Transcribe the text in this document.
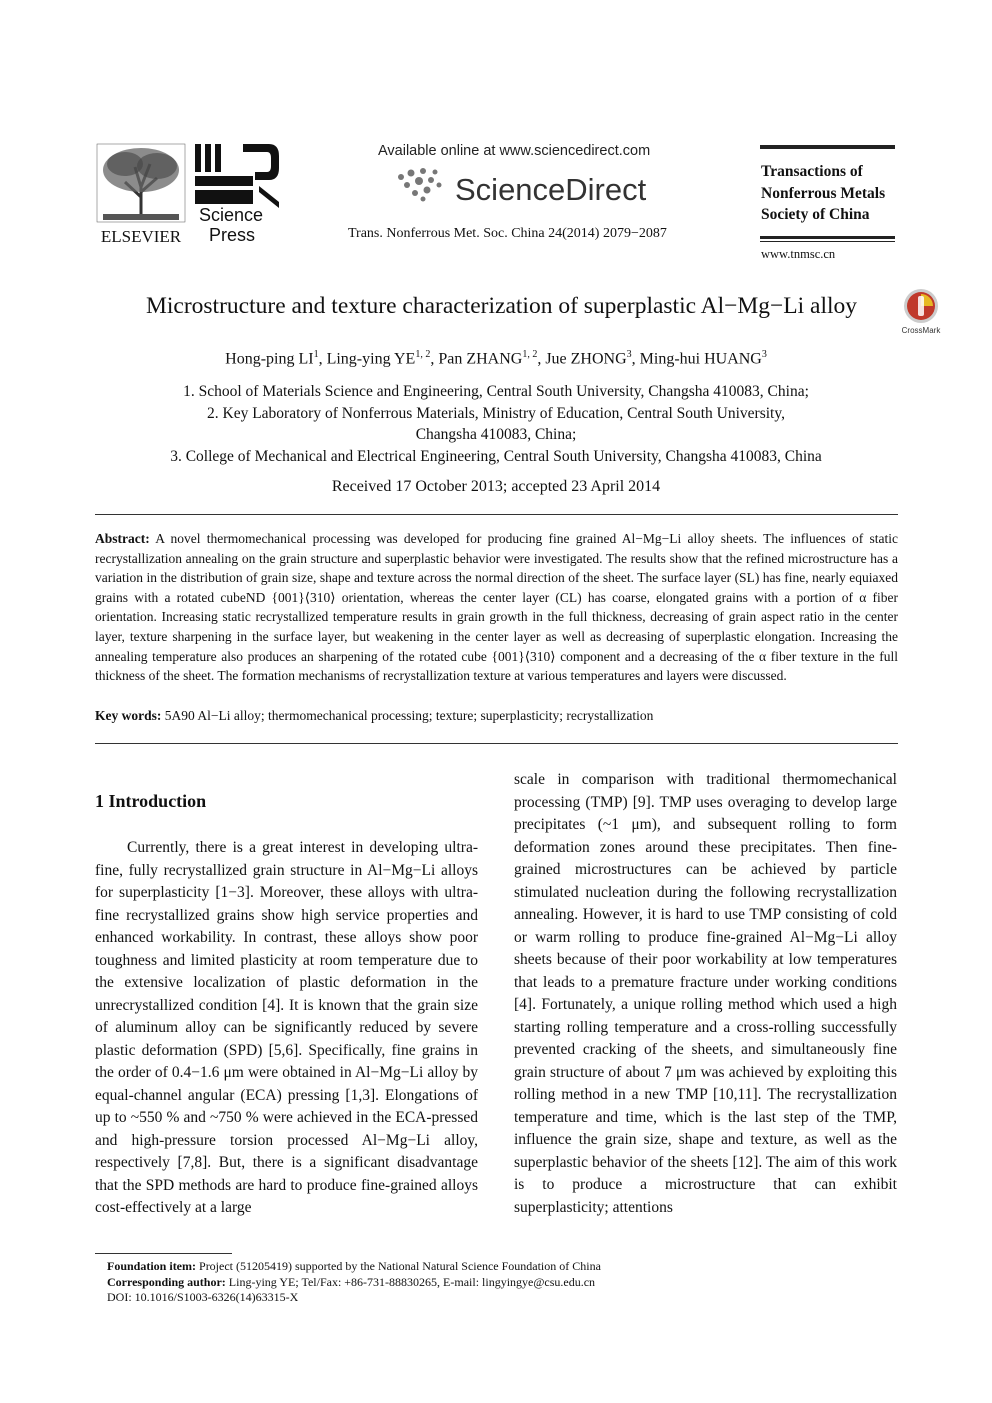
ELSEVIER
Science
Press
Available online at www.sciencedirect.com
ScienceDirect
Trans. Nonferrous Met. Soc. China 24(2014) 2079−2087
Transactions of
Nonferrous Metals
Society of China
www.tnmsc.cn
Microstructure and texture characterization of superplastic Al−Mg−Li alloy
CrossMark
Hong-ping $LI^1$, Ling-ying YE$^{1, 2}$, Pan ZHANG$^{1, 2}$, Jue ZHONG$^3$, Ming-hui HUANG$^3$
1. School of Materials Science and Engineering, Central South University, Changsha 410083, China;
2. Key Laboratory of Nonferrous Materials, Ministry of Education, Central South University,
Changsha 410083, China;
3. College of Mechanical and Electrical Engineering, Central South University, Changsha 410083, China
Received 17 October 2013; accepted 23 April 2014
Abstract: A novel thermomechanical processing was developed for producing fine grained Al−Mg−Li alloy sheets. The influences of static recrystallization annealing on the grain structure and superplastic behavior were investigated. The results show that the refined microstructure has a variation in the distribution of grain size, shape and texture across the normal direction of the sheet. The surface layer (SL) has fine, nearly equiaxed grains with a rotated cubeND {001}⟨310⟩ orientation, whereas the center layer (CL) has coarse, elongated grains with a portion of α fiber orientation. Increasing static recrystallized temperature results in grain growth in the full thickness, decreasing of grain aspect ratio in the center layer, texture sharpening in the surface layer, but weakening in the center layer as well as decreasing of superplastic elongation. Increasing the annealing temperature also produces an sharpening of the rotated cube {001}⟨310⟩ component and a decreasing of the α fiber texture in the full thickness of the sheet. The formation mechanisms of recrystallization texture at various temperatures and layers were discussed.
Key words: 5A90 Al−Li alloy; thermomechanical processing; texture; superplasticity; recrystallization
1 Introduction

Currently, there is a great interest in developing ultra-fine, fully recrystallized grain structure in Al−Mg−Li alloys for superplasticity [1−3]. Moreover, these alloys with ultra-fine recrystallized grains show high service properties and enhanced workability. In contrast, these alloys show poor toughness and limited plasticity at room temperature due to the extensive localization of plastic deformation in the unrecrystallized condition [4]. It is known that the grain size of aluminum alloy can be significantly reduced by severe plastic deformation (SPD) [5,6]. Specifically, fine grains in the order of 0.4−1.6 μm were obtained in Al−Mg−Li alloy by equal-channel angular (ECA) pressing [1,3]. Elongations of up to ~550 % and ~750 % were achieved in the ECA-pressed and high-pressure torsion processed Al−Mg−Li alloy, respectively [7,8]. But, there is a significant disadvantage that the SPD methods are hard to produce fine-grained alloys cost-effectively at a large

scale in comparison with traditional thermomechanical processing (TMP) [9]. TMP uses overaging to develop large precipitates (~1 μm), and subsequent rolling to form deformation zones around these precipitates. Then fine-grained microstructures can be achieved by particle stimulated nucleation during the following recrystallization annealing. However, it is hard to use TMP consisting of cold or warm rolling to produce fine-grained Al−Mg−Li alloy sheets because of their poor workability at low temperatures that leads to a premature fracture under working conditions [4]. Fortunately, a unique rolling method which used a high starting rolling temperature and a cross-rolling successfully prevented cracking of the sheets, and simultaneously fine grain structure of about 7 μm was achieved by exploiting this rolling method in a new TMP [10,11]. The recrystallization temperature and time, which is the last step of the TMP, influence the grain size, shape and texture, as well as the superplastic behavior of the sheets [12]. The aim of this work is to produce a microstructure that can exhibit superplasticity; attentions

Foundation item: Project (51205419) supported by the National Natural Science Foundation of China
Corresponding author: Ling-ying YE; Tel/Fax: +86-731-88830265, E-mail: lingyingye@csu.edu.cn
DOI: 10.1016/S1003-6326(14)63315-X
